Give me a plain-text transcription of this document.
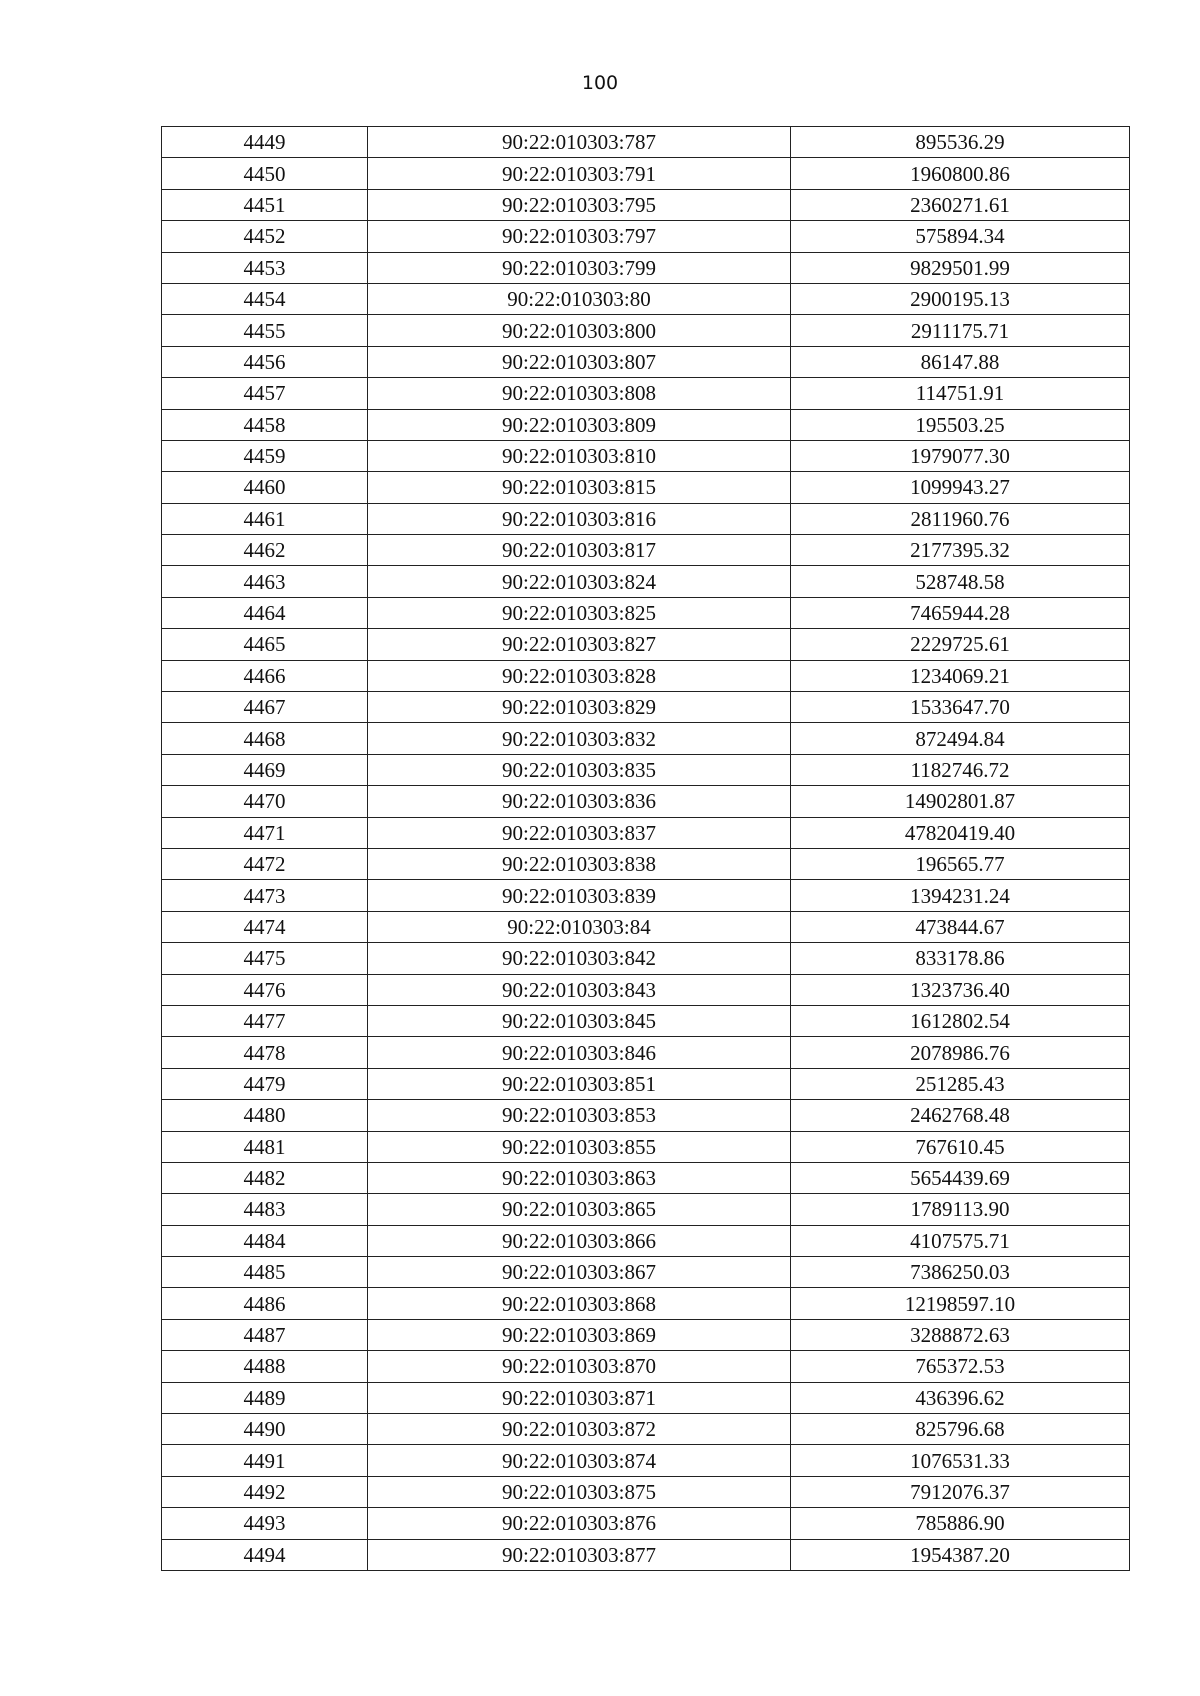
100
4449	90:22:010303:787	895536.29
4450	90:22:010303:791	1960800.86
4451	90:22:010303:795	2360271.61
4452	90:22:010303:797	575894.34
4453	90:22:010303:799	9829501.99
4454	90:22:010303:80	2900195.13
4455	90:22:010303:800	2911175.71
4456	90:22:010303:807	86147.88
4457	90:22:010303:808	114751.91
4458	90:22:010303:809	195503.25
4459	90:22:010303:810	1979077.30
4460	90:22:010303:815	1099943.27
4461	90:22:010303:816	2811960.76
4462	90:22:010303:817	2177395.32
4463	90:22:010303:824	528748.58
4464	90:22:010303:825	7465944.28
4465	90:22:010303:827	2229725.61
4466	90:22:010303:828	1234069.21
4467	90:22:010303:829	1533647.70
4468	90:22:010303:832	872494.84
4469	90:22:010303:835	1182746.72
4470	90:22:010303:836	14902801.87
4471	90:22:010303:837	47820419.40
4472	90:22:010303:838	196565.77
4473	90:22:010303:839	1394231.24
4474	90:22:010303:84	473844.67
4475	90:22:010303:842	833178.86
4476	90:22:010303:843	1323736.40
4477	90:22:010303:845	1612802.54
4478	90:22:010303:846	2078986.76
4479	90:22:010303:851	251285.43
4480	90:22:010303:853	2462768.48
4481	90:22:010303:855	767610.45
4482	90:22:010303:863	5654439.69
4483	90:22:010303:865	1789113.90
4484	90:22:010303:866	4107575.71
4485	90:22:010303:867	7386250.03
4486	90:22:010303:868	12198597.10
4487	90:22:010303:869	3288872.63
4488	90:22:010303:870	765372.53
4489	90:22:010303:871	436396.62
4490	90:22:010303:872	825796.68
4491	90:22:010303:874	1076531.33
4492	90:22:010303:875	7912076.37
4493	90:22:010303:876	785886.90
4494	90:22:010303:877	1954387.20
